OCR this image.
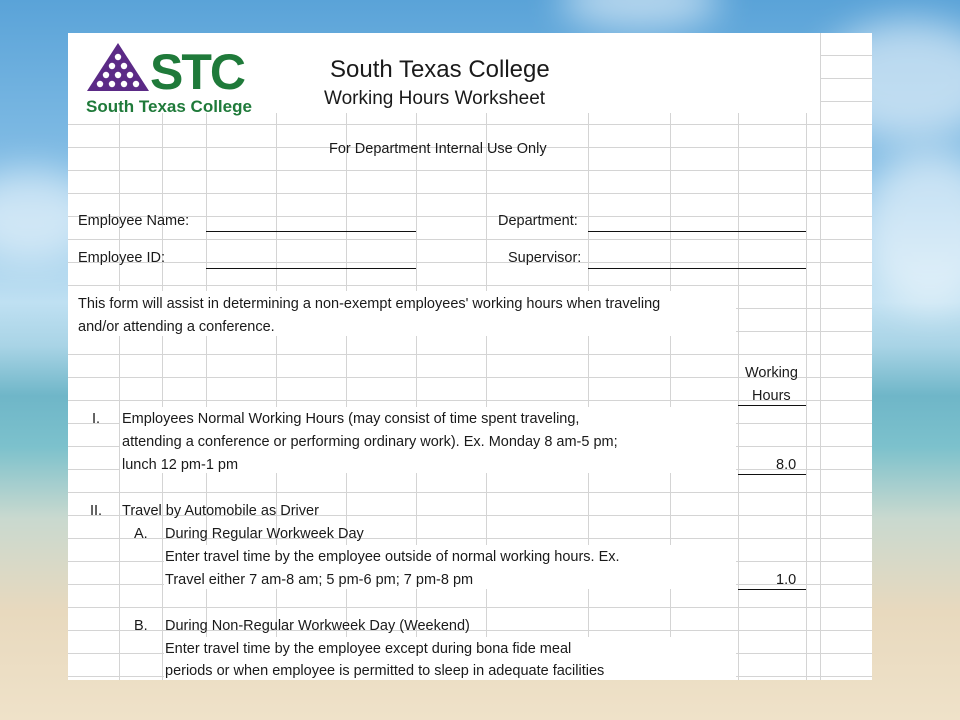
STC
South Texas College
South Texas College
Working Hours Worksheet
For Department Internal Use Only
Employee Name:	Department:
Employee ID:	Supervisor:
This form will assist in determining a non-exempt employees' working hours when traveling
and/or attending a conference.
Working
Hours
I. Employees Normal Working Hours (may consist of time spent traveling,
attending a conference or performing ordinary work). Ex. Monday 8 am-5 pm;
lunch 12 pm-1 pm	8.0
II. Travel by Automobile as Driver
A. During Regular Workweek Day
Enter travel time by the employee outside of normal working hours. Ex.
Travel either 7 am-8 am; 5 pm-6 pm; 7 pm-8 pm	1.0
B. During Non-Regular Workweek Day (Weekend)
Enter travel time by the employee except during bona fide meal
periods or when employee is permitted to sleep in adequate facilities
